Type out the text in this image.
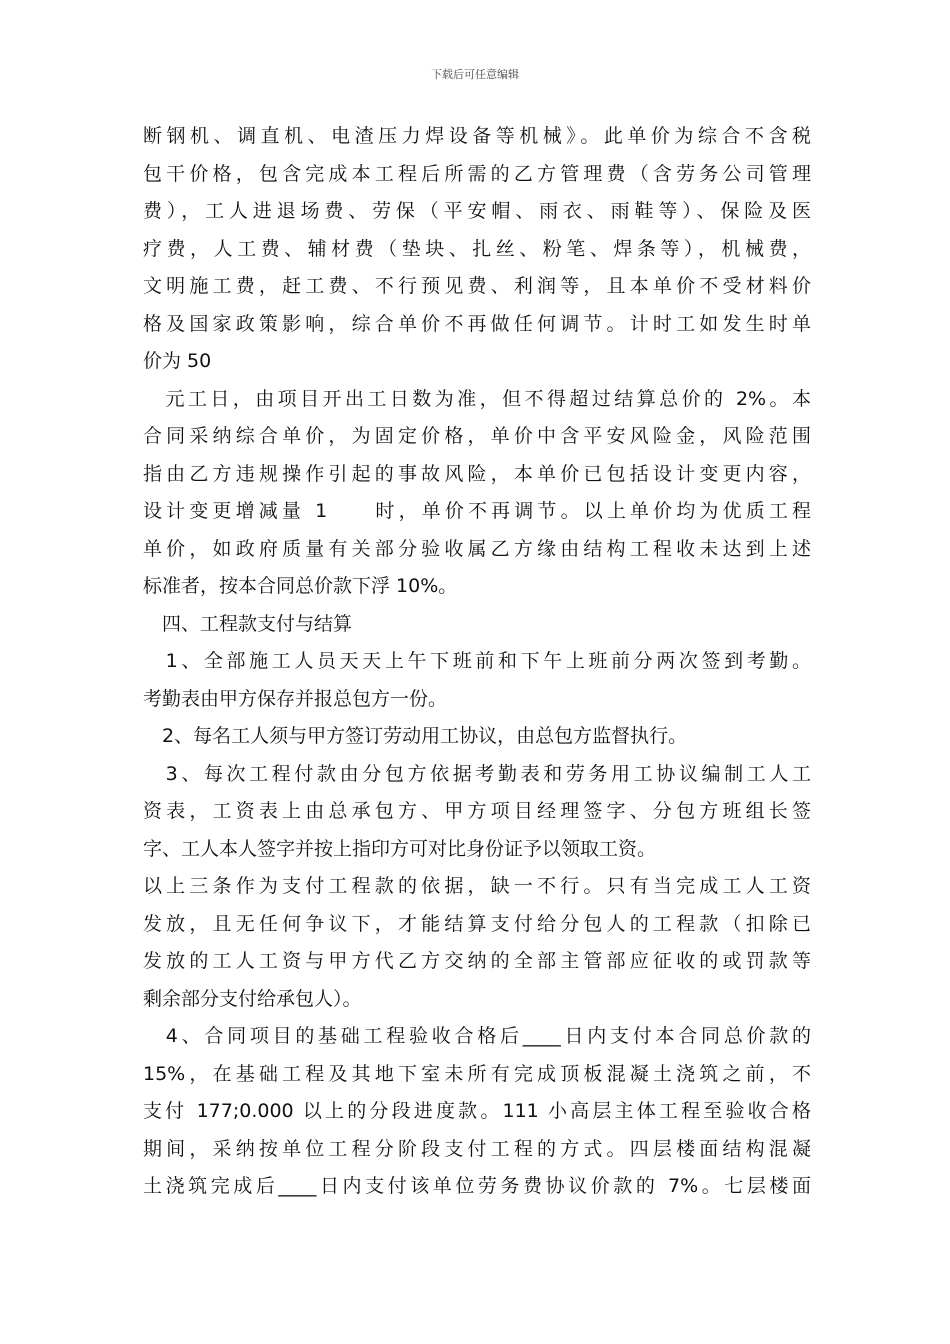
下载后可任意编辑
断钢机、调直机、电渣压力焊设备等机械》。此单价为综合不含税
包干价格，包含完成本工程后所需的乙方管理费（含劳务公司管理
费），工人进退场费、劳保（平安帽、雨衣、雨鞋等）、保险及医
疗费，人工费、辅材费（垫块、扎丝、粉笔、焊条等），机械费，
文明施工费，赶工费、不行预见费、利润等，且本单价不受材料价
格及国家政策影响，综合单价不再做任何调节。计时工如发生时单
价为 50
　元工日，由项目开出工日数为准，但不得超过结算总价的 2%。本
合同采纳综合单价，为固定价格，单价中含平安风险金，风险范围
指由乙方违规操作引起的事故风险，本单价已包括设计变更内容，
设计变更增减量 1 时，单价不再调节。以上单价均为优质工程
单价，如政府质量有关部分验收属乙方缘由结构工程收未达到上述
标准者，按本合同总价款下浮 10%。
　四、工程款支付与结算
　1、全部施工人员天天上午下班前和下午上班前分两次签到考勤。
考勤表由甲方保存并报总包方一份。
　2、每名工人须与甲方签订劳动用工协议，由总包方监督执行。
　3、每次工程付款由分包方依据考勤表和劳务用工协议编制工人工
资表，工资表上由总承包方、甲方项目经理签字、分包方班组长签
字、工人本人签字并按上指印方可对比身份证予以领取工资。
以上三条作为支付工程款的依据，缺一不行。只有当完成工人工资
发放，且无任何争议下，才能结算支付给分包人的工程款（扣除已
发放的工人工资与甲方代乙方交纳的全部主管部应征收的或罚款等
剩余部分支付给承包人）。
　4、合同项目的基础工程验收合格后____日内支付本合同总价款的
15%，在基础工程及其地下室未所有完成顶板混凝土浇筑之前，不
支付 177;0.000 以上的分段进度款。111 小高层主体工程至验收合格
期间，采纳按单位工程分阶段支付工程的方式。四层楼面结构混凝
土浇筑完成后____日内支付该单位劳务费协议价款的 7%。七层楼面
